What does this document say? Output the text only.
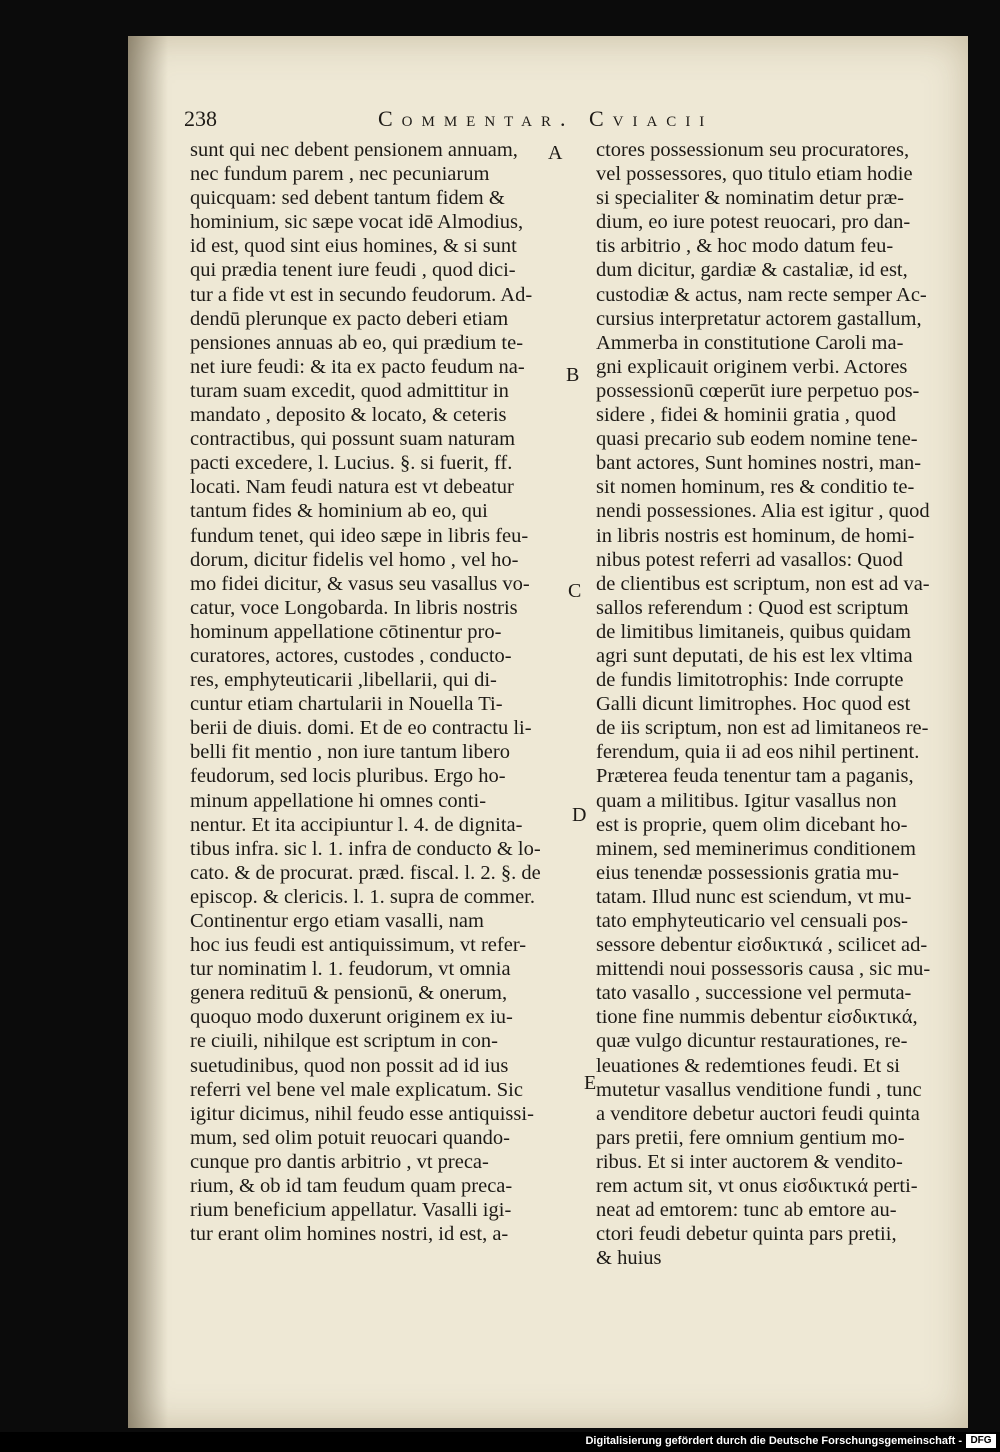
238	Commentar. Cviacii
A
B
C
D
E
sunt qui nec debent pensionem annuam,
nec fundum parem , nec pecuniarum
quicquam: sed debent tantum fidem &
hominium, sic sæpe vocat idē Almodius,
id est, quod sint eius homines, & si sunt
qui prædia tenent iure feudi , quod dici-
tur a fide vt est in secundo feudorum. Ad-
dendū plerunque ex pacto deberi etiam
pensiones annuas ab eo, qui prædium te-
net iure feudi: & ita ex pacto feudum na-
turam suam excedit, quod admittitur in
mandato , deposito & locato, & ceteris
contractibus, qui possunt suam naturam
pacti excedere, l. Lucius. §. si fuerit, ff.
locati. Nam feudi natura est vt debeatur
tantum fides & hominium ab eo, qui
fundum tenet, qui ideo sæpe in libris feu-
dorum, dicitur fidelis vel homo , vel ho-
mo fidei dicitur, & vasus seu vasallus vo-
catur, voce Longobarda. In libris nostris
hominum appellatione cōtinentur pro-
curatores, actores, custodes , conducto-
res, emphyteuticarii ,libellarii, qui di-
cuntur etiam chartularii in Nouella Ti-
berii de diuis. domi. Et de eo contractu li-
belli fit mentio , non iure tantum libero
feudorum, sed locis pluribus. Ergo ho-
minum appellatione hi omnes conti-
nentur. Et ita accipiuntur l. 4. de dignita-
tibus infra. sic l. 1. infra de conducto & lo-
cato. & de procurat. præd. fiscal. l. 2. §. de
episcop. & clericis. l. 1. supra de commer.
Continentur ergo etiam vasalli, nam
hoc ius feudi est antiquissimum, vt refer-
tur nominatim l. 1. feudorum, vt omnia
genera redituū & pensionū, & onerum,
quoquo modo duxerunt originem ex iu-
re ciuili, nihilque est scriptum in con-
suetudinibus, quod non possit ad id ius
referri vel bene vel male explicatum. Sic
igitur dicimus, nihil feudo esse antiquissi-
mum, sed olim potuit reuocari quando-
cunque pro dantis arbitrio , vt preca-
rium, & ob id tam feudum quam preca-
rium beneficium appellatur. Vasalli igi-
tur erant olim homines nostri, id est, a-
ctores possessionum seu procuratores,
vel possessores, quo titulo etiam hodie
si specialiter & nominatim detur præ-
dium, eo iure potest reuocari, pro dan-
tis arbitrio , & hoc modo datum feu-
dum dicitur, gardiæ & castaliæ, id est,
custodiæ & actus, nam recte semper Ac-
cursius interpretatur actorem gastallum,
Ammerba in constitutione Caroli ma-
gni explicauit originem verbi. Actores
possessionū cœperūt iure perpetuo pos-
sidere , fidei & hominii gratia , quod
quasi precario sub eodem nomine tene-
bant actores, Sunt homines nostri, man-
sit nomen hominum, res & conditio te-
nendi possessiones. Alia est igitur , quod
in libris nostris est hominum, de homi-
nibus potest referri ad vasallos: Quod
de clientibus est scriptum, non est ad va-
sallos referendum : Quod est scriptum
de limitibus limitaneis, quibus quidam
agri sunt deputati, de his est lex vltima
de fundis limitotrophis: Inde corrupte
Galli dicunt limitrophes. Hoc quod est
de iis scriptum, non est ad limitaneos re-
ferendum, quia ii ad eos nihil pertinent.
Præterea feuda tenentur tam a paganis,
quam a militibus. Igitur vasallus non
est is proprie, quem olim dicebant ho-
minem, sed meminerimus conditionem
eius tenendæ possessionis gratia mu-
tatam. Illud nunc est sciendum, vt mu-
tato emphyteuticario vel censuali pos-
sessore debentur εἰσδικτικά , scilicet ad-
mittendi noui possessoris causa , sic mu-
tato vasallo , successione vel permuta-
tione fine nummis debentur εἰσδικτικά,
quæ vulgo dicuntur restaurationes, re-
leuationes & redemtiones feudi. Et si
mutetur vasallus venditione fundi , tunc
a venditore debetur auctori feudi quinta
pars pretii, fere omnium gentium mo-
ribus. Et si inter auctorem & vendito-
rem actum sit, vt onus εἰσδικτικά perti-
neat ad emtorem: tunc ab emtore au-
ctori feudi debetur quinta pars pretii,
& huius
Digitalisierung gefördert durch die Deutsche Forschungsgemeinschaft - DFG
